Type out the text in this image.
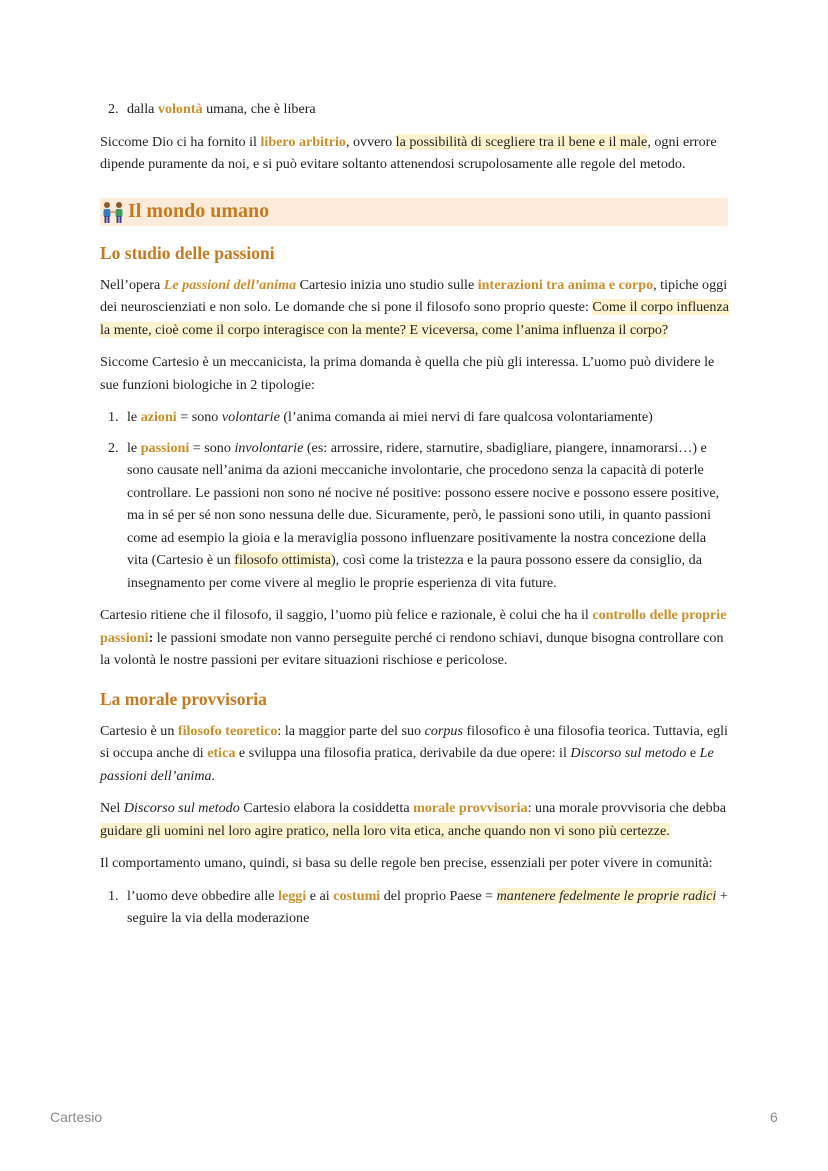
2. dalla volontà umana, che è libera

Siccome Dio ci ha fornito il libero arbitrio, ovvero la possibilità di scegliere tra il bene e il male, ogni errore dipende puramente da noi, e si può evitare soltanto attenendosi scrupolosamente alle regole del metodo.

Il mondo umano
Lo studio delle passioni

Nell’opera Le passioni dell’anima Cartesio inizia uno studio sulle interazioni tra anima e corpo, tipiche oggi dei neuroscienziati e non solo. Le domande che si pone il filosofo sono proprio queste: Come il corpo influenza la mente, cioè come il corpo interagisce con la mente? E viceversa, come l’anima influenza il corpo?

Siccome Cartesio è un meccanicista, la prima domanda è quella che più gli interessa. L’uomo può dividere le sue funzioni biologiche in 2 tipologie:

1. le azioni = sono volontarie (l’anima comanda ai miei nervi di fare qualcosa volontariamente)
2. le passioni = sono involontarie (es: arrossire, ridere, starnutire, sbadigliare, piangere, innamorarsi…) e sono causate nell’anima da azioni meccaniche involontarie, che procedono senza la capacità di poterle controllare. Le passioni non sono né nocive né positive: possono essere nocive e possono essere positive, ma in sé per sé non sono nessuna delle due. Sicuramente, però, le passioni sono utili, in quanto passioni come ad esempio la gioia e la meraviglia possono influenzare positivamente la nostra concezione della vita (Cartesio è un filosofo ottimista), così come la tristezza e la paura possono essere da consiglio, da insegnamento per come vivere al meglio le proprie esperienza di vita future.

Cartesio ritiene che il filosofo, il saggio, l’uomo più felice e razionale, è colui che ha il controllo delle proprie passioni: le passioni smodate non vanno perseguite perché ci rendono schiavi, dunque bisogna controllare con la volontà le nostre passioni per evitare situazioni rischiose e pericolose.

La morale provvisoria

Cartesio è un filosofo teoretico: la maggior parte del suo corpus filosofico è una filosofia teorica. Tuttavia, egli si occupa anche di etica e sviluppa una filosofia pratica, derivabile da due opere: il Discorso sul metodo e Le passioni dell’anima.

Nel Discorso sul metodo Cartesio elabora la cosiddetta morale provvisoria: una morale provvisoria che debba guidare gli uomini nel loro agire pratico, nella loro vita etica, anche quando non vi sono più certezze.

Il comportamento umano, quindi, si basa su delle regole ben precise, essenziali per poter vivere in comunità:

1. l’uomo deve obbedire alle leggi e ai costumi del proprio Paese = mantenere fedelmente le proprie radici + seguire la via della moderazione
Cartesio	6
